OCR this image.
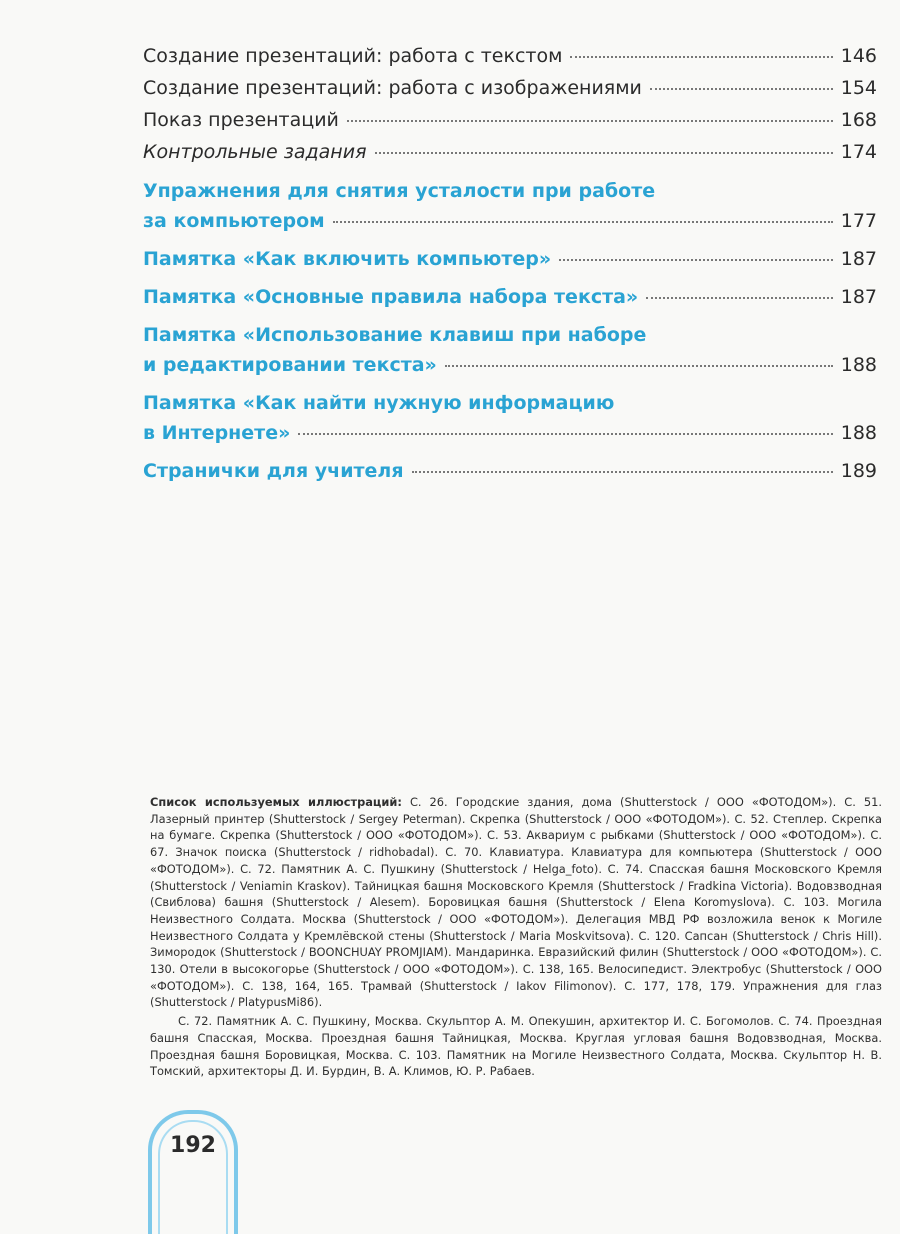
Создание презентаций: работа с текстом	146
Создание презентаций: работа с изображениями	154
Показ презентаций	168
Контрольные задания	174
Упражнения для снятия усталости при работе
за компьютером	177
Памятка «Как включить компьютер»	187
Памятка «Основные правила набора текста»	187
Памятка «Использование клавиш при наборе
и редактировании текста»	188
Памятка «Как найти нужную информацию
в Интернете»	188
Странички для учителя	189

Список используемых иллюстраций: С. 26. Городские здания, дома (Shutterstock / ООО «ФОТОДОМ»). С. 51. Лазерный принтер (Shutterstock / Sergey Peterman). Скрепка (Shutterstock / ООО «ФОТОДОМ»). С. 52. Степлер. Скрепка на бумаге. Скрепка (Shutterstock / ООО «ФОТОДОМ»). С. 53. Аквариум с рыбками (Shutterstock / ООО «ФОТОДОМ»). С. 67. Значок поиска (Shutterstock / ridhobadal). С. 70. Клавиатура. Клавиатура для компьютера (Shutterstock / ООО «ФОТОДОМ»). С. 72. Памятник А. С. Пушкину (Shutterstock / Helga_foto). С. 74. Спасская башня Московского Кремля (Shutterstock / Veniamin Kraskov). Тайницкая башня Московского Кремля (Shutterstock / Fradkina Victoria). Водовзводная (Свиблова) башня (Shutterstock / Alesem). Боровицкая башня (Shutterstock / Elena Koromyslova). С. 103. Могила Неизвестного Солдата. Москва (Shutterstock / ООО «ФОТОДОМ»). Делегация МВД РФ возложила венок к Могиле Неизвестного Солдата у Кремлёвской стены (Shutterstock / Maria Moskvitsova). С. 120. Сапсан (Shutterstock / Chris Hill). Зимородок (Shutterstock / BOONCHUAY PROMJIAM). Мандаринка. Евразийский филин (Shutterstock / ООО «ФОТОДОМ»). С. 130. Отели в высокогорье (Shutterstock / ООО «ФОТОДОМ»). С. 138, 165. Велосипедист. Электробус (Shutterstock / ООО «ФОТОДОМ»). С. 138, 164, 165. Трамвай (Shutterstock / Iakov Filimonov). С. 177, 178, 179. Упражнения для глаз (Shutterstock / PlatypusMi86).

С. 72. Памятник А. С. Пушкину, Москва. Скульптор А. М. Опекушин, архитектор И. С. Богомолов. С. 74. Проездная башня Спасская, Москва. Проездная башня Тайницкая, Москва. Круглая угловая башня Водовзводная, Москва. Проездная башня Боровицкая, Москва. С. 103. Памятник на Могиле Неизвестного Солдата, Москва. Скульптор Н. В. Томский, архитекторы Д. И. Бурдин, В. А. Климов, Ю. Р. Рабаев.

192
